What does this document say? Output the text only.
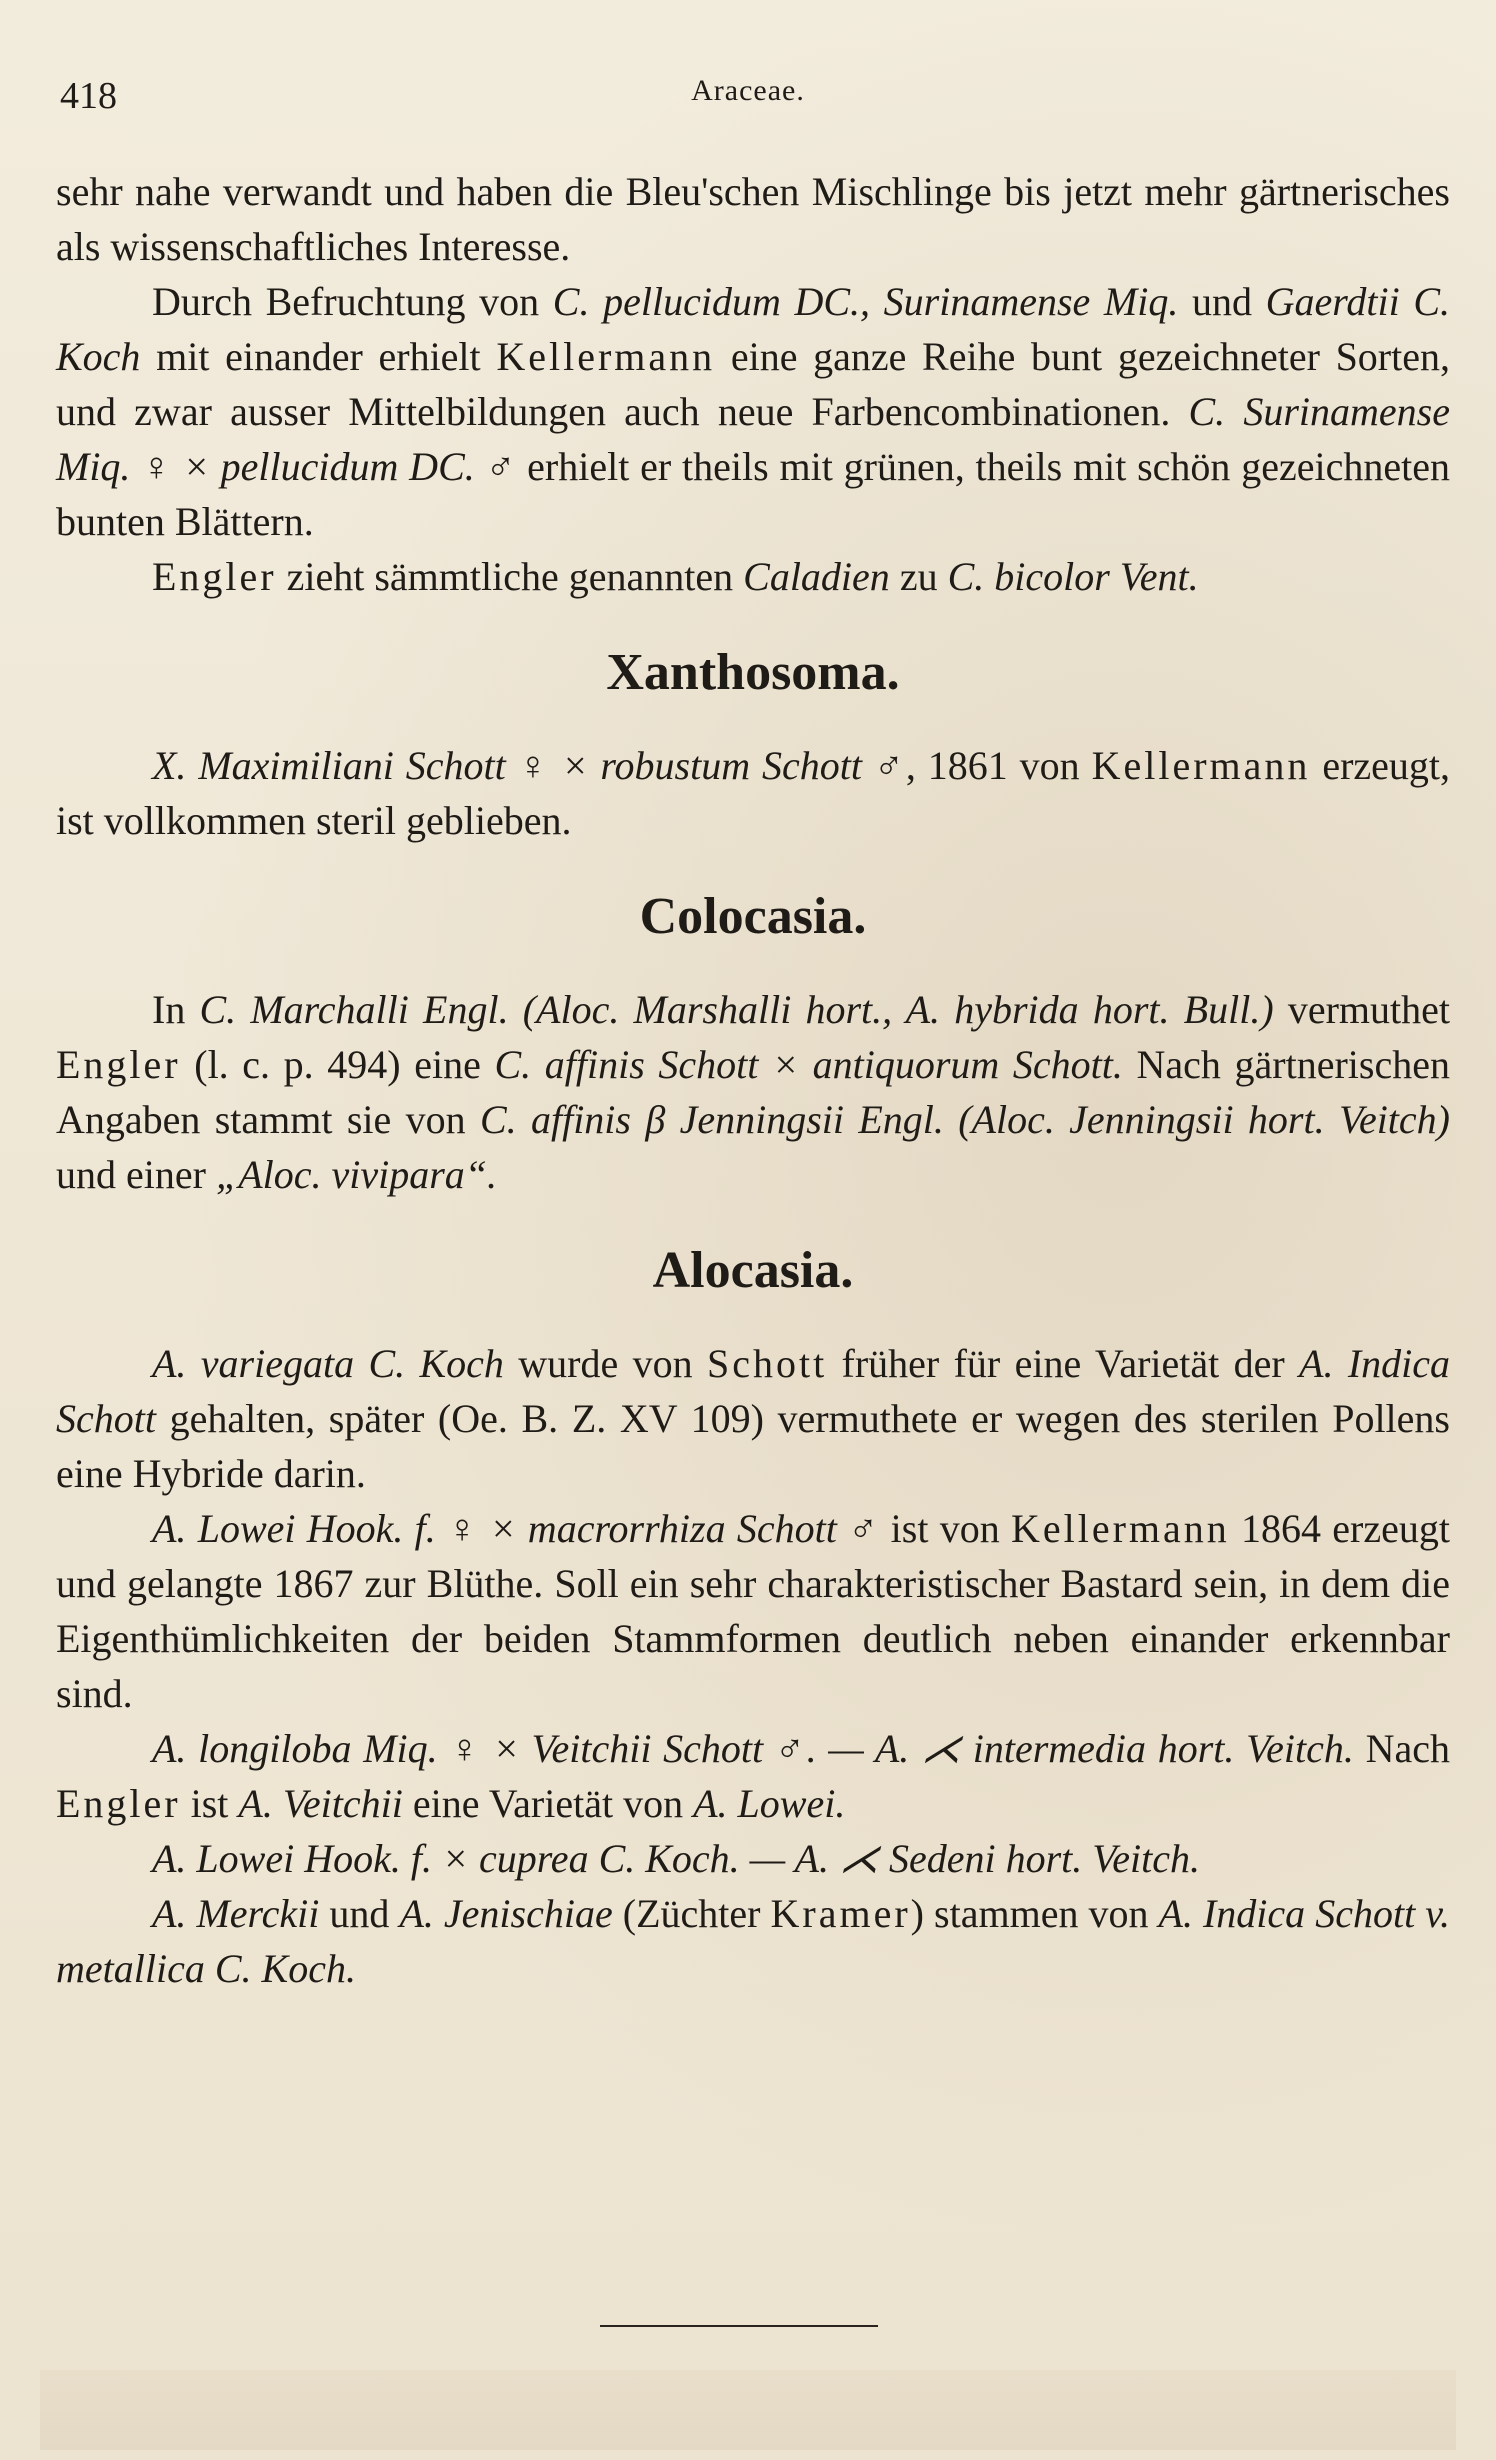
418	Araceae.

sehr nahe verwandt und haben die Bleu'schen Mischlinge bis jetzt mehr gärtnerisches als wissenschaftliches Interesse.

Durch Befruchtung von C. pellucidum DC., Surinamense Miq. und Gaerdtii C. Koch mit einander erhielt Kellermann eine ganze Reihe bunt gezeichneter Sorten, und zwar ausser Mittelbildungen auch neue Farbencombinationen. C. Surinamense Miq. ♀ × pellucidum DC. ♂ erhielt er theils mit grünen, theils mit schön gezeichneten bunten Blättern.

Engler zieht sämmtliche genannten Caladien zu C. bicolor Vent.

Xanthosoma.

X. Maximiliani Schott ♀ × robustum Schott ♂, 1861 von Kellermann erzeugt, ist vollkommen steril geblieben.

Colocasia.

In C. Marchalli Engl. (Aloc. Marshalli hort., A. hybrida hort. Bull.) vermuthet Engler (l. c. p. 494) eine C. affinis Schott × antiquorum Schott. Nach gärtnerischen Angaben stammt sie von C. affinis β Jenningsii Engl. (Aloc. Jenningsii hort. Veitch) und einer „Aloc. vivipara“.

Alocasia.

A. variegata C. Koch wurde von Schott früher für eine Varietät der A. Indica Schott gehalten, später (Oe. B. Z. XV 109) vermuthete er wegen des sterilen Pollens eine Hybride darin.

A. Lowei Hook. f. ♀ × macrorrhiza Schott ♂ ist von Kellermann 1864 erzeugt und gelangte 1867 zur Blüthe. Soll ein sehr charakteristischer Bastard sein, in dem die Eigenthümlichkeiten der beiden Stammformen deutlich neben einander erkennbar sind.

A. longiloba Miq. ♀ × Veitchii Schott ♂. — A. ⋌ intermedia hort. Veitch. Nach Engler ist A. Veitchii eine Varietät von A. Lowei.

A. Lowei Hook. f. × cuprea C. Koch. — A. ⋌ Sedeni hort. Veitch.

A. Merckii und A. Jenischiae (Züchter Kramer) stammen von A. Indica Schott v. metallica C. Koch.
